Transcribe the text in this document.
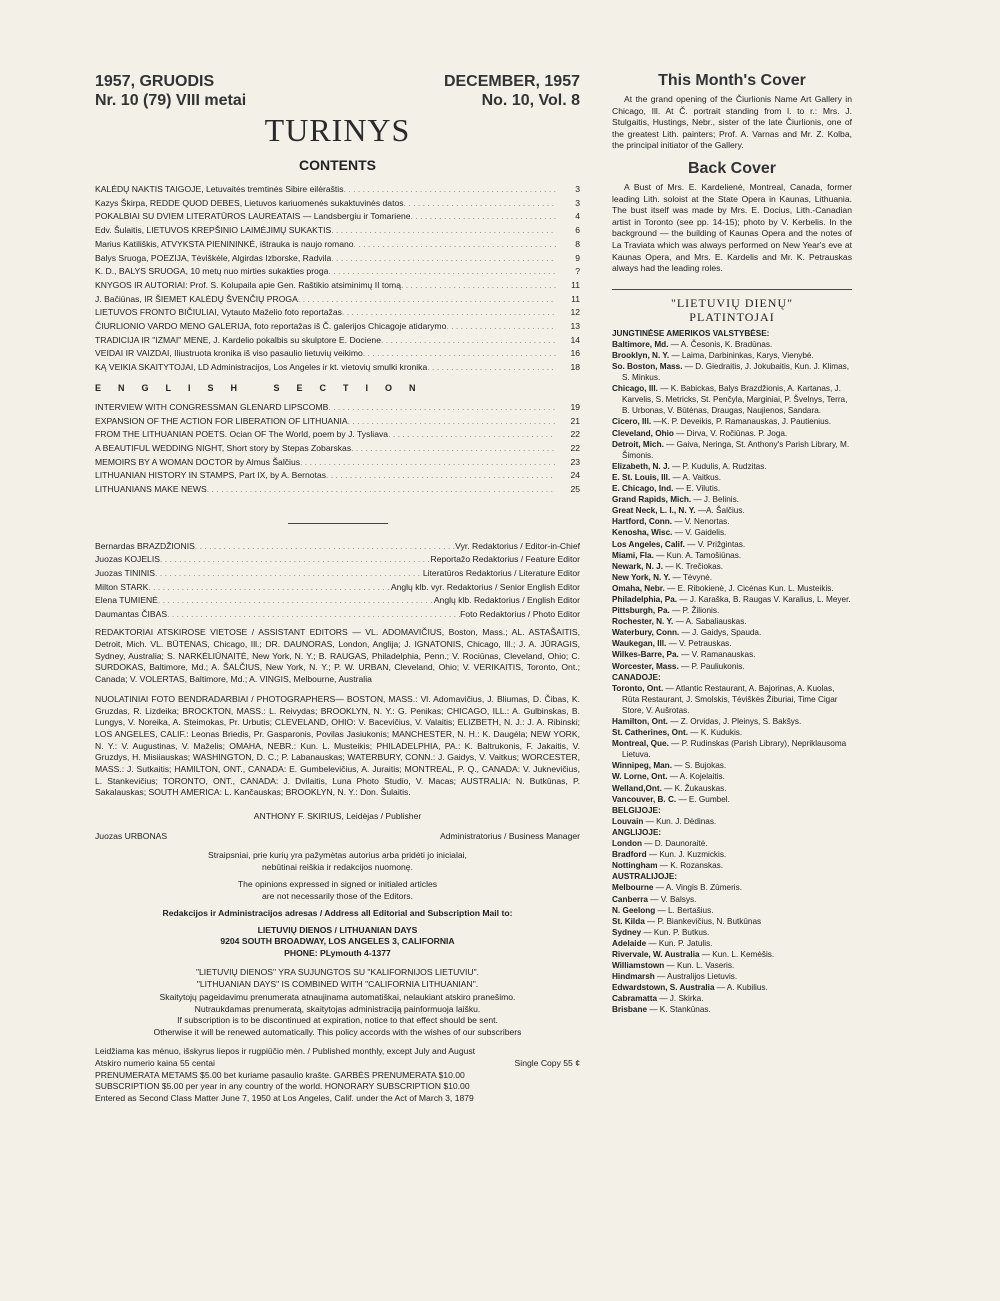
1957, GRUODIS
Nr. 10 (79) VIII metai
DECEMBER, 1957
No. 10, Vol. 8
TURINYS
CONTENTS
KALĖDŲ NAKTIS TAIGOJE, Letuvaitės tremtinės Sibire eilėraštis . . .	3
Kazys Škirpa, REDDE QUOD DEBES, Lietuvos kariuomenės sukaktuvinės datos . . .	3
POKALBIAI SU DVIEM LITERATŪROS LAUREATAIS — Landsbergiu ir Tomariene . . .	4
Edv. Šulaitis, LIETUVOS KREPŠINIO LAIMĖJIMŲ SUKAKTIS . . .	6
Marius Katiliškis, ATVYKSTA PIENININKĖ, ištrauka is naujo romano . . .	8
Balys Sruoga, POEZIJA, Tėviškėle, Algirdas Izborske, Radvila . . .	9
K. D., BALYS SRUOGA, 10 metų nuo mirties sukakties proga . . .	?
KNYGOS IR AUTORIAI: Prof. S. Kolupaila apie Gen. Raštikio atsiminimų II tomą . . .	11
J. Bačiūnas, IR ŠIEMET KALĖDŲ ŠVENČIŲ PROGA . . .	11
LIETUVOS FRONTO BIČIULIAI, Vytauto Maželio foto reportažas . . .	12
ČIURLIONIO VARDO MENO GALERIJA, foto reportažas iš Č. galerijos Chicagoje atidarymo . . .	13
TRADICIJA IR "IZMAI" MENE, J. Kardelio pokalbis su skulptore E. Dociene . . .	14
VEIDAI IR VAIZDAI, Iliustruota kronika iš viso pasaulio lietuvių veikimo . . .	16
KĄ VEIKIA SKAITYTOJAI, LD Administracijos, Los Angeles ir kt. vietovių smulki kronika . . .	18
ENGLISH SECTION
INTERVIEW WITH CONGRESSMAN GLENARD LIPSCOMB . . .	19
EXPANSION OF THE ACTION FOR LIBERATION OF LITHUANIA . . .	21
FROM THE LITHUANIAN POETS. Ocian OF The World, poem by J. Tysliava . . .	22
A BEAUTIFUL WEDDING NIGHT, Short story by Stepas Zobarskas . . .	22
MEMOIRS BY A WOMAN DOCTOR by Almus Šalčius . . .	23
LITHUANIAN HISTORY IN STAMPS, Part IX, by A. Bernotas . . .	24
LITHUANIANS MAKE NEWS . . .	25
Bernardas BRAZDŽIONIS . . .	Vyr. Redaktorius / Editor-in-Chief
Juozas KOJELIS . . .	Reportažo Redaktorius / Feature Editor
Juozas TININIS . . .	Literatūros Redaktorius / Literature Editor
Milton STARK . . .	Anglų klb. vyr. Redaktorius / Senior English Editor
Elena TUMIENĖ . . .	Anglų klb. Redaktorius / English Editor
Daumantas ČIBAS . . .	Foto Redaktorius / Photo Editor

REDAKTORIAI ATSKIROSE VIETOSE / ASSISTANT EDITORS — VL. ADOMAVIČIUS, Boston, Mass.; AL. ASTAŠAITIS, Detroit, Mich. VL. BŪTĖNAS, Chicago, Ill.; DR. DAUNORAS, London, Anglija; J. IGNATONIS, Chicago, Ill.; J. A. JŪRAGIS, Sydney, Australia; S. NARKĖLIŪNAITĖ, New York, N. Y.; B. RAUGAS, Philadelphia, Penn.; V. Rociūnas, Cleveland, Ohio; C. SURDOKAS, Baltimore, Md.; A. ŠALČIUS, New York, N. Y.; P. W. URBAN, Cleveland, Ohio; V. VERIKAITIS, Toronto, Ont.; Canada; V. VOLERTAS, Baltimore, Md.; A. VINGIS, Melbourne, Australia

NUOLATINIAI FOTO BENDRADARBIAI / PHOTOGRAPHERS— BOSTON, MASS.: Vl. Adomavičius, J. Bliumas, D. Čibas, K. Gruzdas, R. Lizdeika; BROCKTON, MASS.: L. Reivydas; BROOKLYN, N. Y.: G. Penikas; CHICAGO, ILL.: A. Gulbinskas, B. Lungys, V. Noreika, A. Steimokas, Pr. Urbutis; CLEVELAND, OHIO: V. Bacevičius, V. Valaitis; ELIZBETH, N. J.: J. A. Ribinski; LOS ANGELES, CALIF.: Leonas Briedis, Pr. Gasparonis, Povilas Jasiukonis; MANCHESTER, N. H.: K. Daugėla; NEW YORK, N. Y.: V. Augustinas, V. Maželis; OMAHA, NEBR.: Kun. L. Musteikis; PHILADELPHIA, PA.: K. Baltrukonis, F. Jakaitis, V. Gruzdys, H. Misiiauskas; WASHINGTON, D. C.; P. Labanauskas; WATERBURY, CONN.: J. Gaidys, V. Vaitkus; WORCESTER, MASS.: J. Sutkaitis; HAMILTON, ONT., CANADA: E. Gumbelevičius, A. Juraitis; MONTREAL, P. Q., CANADA: V. Juknevičius, L. Stankevičius; TORONTO, ONT., CANADA: J. Dvilaitis, Luna Photo Studio, V. Macas; AUSTRALIA: N. Butkūnas, P. Sakalauskas; SOUTH AMERICA: L. Kančauskas; BROOKLYN, N. Y.: Don. Šulaitis.

ANTHONY F. SKIRIUS, Leidėjas / Publisher
Juozas URBONAS	Administratorius / Business Manager
Straipsniai, prie kurių yra pažymėtas autorius arba pridėti jo inicialai,
nebūtinai reiškia ir redakcijos nuomonę.
The opinions expressed in signed or initialed articles
are not necessarily those of the Editors.
Redakcijos ir Administracijos adresas / Address all Editorial and Subscription Mail to:
LIETUVIŲ DIENOS / LITHUANIAN DAYS
9204 SOUTH BROADWAY, LOS ANGELES 3, CALIFORNIA
PHONE: PLymouth 4-1377
"LIETUVIŲ DIENOS" YRA SUJUNGTOS SU "KALIFORNIJOS LIETUVIU".
"LITHUANIAN DAYS" IS COMBINED WITH "CALIFORNIA LITHUANIAN".
Skaitytojų pageidavimu prenumerata atnaujinama automatiškai, nelaukiant atskiro pranešimo.
Nutraukdamas prenumeratą, skaitytojas administraciją painformuoja laišku.
If subscription is to be discontinued at expiration, notice to that effect should be sent.
Otherwise it will be renewed automatically. This policy accords with the wishes of our subscribers
Leidžiama kas mėnuo, išskyrus liepos ir rugpiūčio mėn. / Published monthly, except July and August
Atskiro numerio kaina 55 centai	Single Copy 55 ¢
PRENUMERATA METAMS $5.00 bet kuriame pasaulio krašte. GARBĖS PRENUMERATA $10.00
SUBSCRIPTION $5.00 per year in any country of the world. HONORARY SUBSCRIPTION $10.00
Entered as Second Class Matter June 7, 1950 at Los Angeles, Calif. under the Act of March 3, 1879
This Month's Cover

At the grand opening of the Čiurlionis Name Art Gallery in Chicago, Ill. At Č. portrait standing from l. to r.: Mrs. J. Stulgaitis, Hustings, Nebr., sister of the late Čiurlionis, one of the greatest Lith. painters; Prof. A. Varnas and Mr. Z. Kolba, the principal initiator of the Gallery.

Back Cover

A Bust of Mrs. E. Kardelienė, Montreal, Canada, former leading Lith. soloist at the State Opera in Kaunas, Lithuania. The bust itself was made by Mrs. E. Docius, Lith.-Canadian artist in Toronto (see pp. 14-15); photo by V. Kerbelis. In the background — the building of Kaunas Opera and the notes of La Traviata which was always performed on New Year's eve at Kaunas Opera, and Mrs. E. Kardelis and Mr. K. Petrauskas always had the leading roles.

"LIETUVIŲ DIENŲ"
PLATINTOJAI
JUNGTINĖSE AMERIKOS VALSTYBĖSE:
Baltimore, Md. — A. Česonis, K. Bradūnas.
Brooklyn, N. Y. — Laima, Darbininkas, Karys, Vienybė.
So. Boston, Mass. — D. Giedraitis, J. Jokubaitis, Kun. J. Klimas, S. Minkus.
Chicago, Ill. — K. Babickas, Balys Brazdžionis, A. Kartanas, J. Karvelis, S. Metricks, St. Penčyla, Marginiai, P. Švelnys, Terra, B. Urbonas, V. Būtėnas, Draugas, Naujienos, Sandara.
Cicero, Ill. —K. P. Deveikis, P. Ramanauskas, J. Pautienius.
Cleveland, Ohio — Dirva, V. Ročiūnas. P. Joga.
Detroit, Mich. — Gaiva, Neringa, St. Anthony's Parish Library, M. Šimonis.
Elizabeth, N. J. — P. Kudulis, A. Rudzitas.
E. St. Louis, Ill. — A. Vaitkus.
E. Chicago, Ind. — E. Vilutis.
Grand Rapids, Mich. — J. Belinis.
Great Neck, L. I., N. Y. —A. Šalčius.
Hartford, Conn. — V. Nenortas.
Kenosha, Wisc. — V. Gaidelis.
Los Angeles, Calif. — V. Prižgintas.
Miami, Fla. — Kun. A. Tamošiūnas.
Newark, N. J. — K. Trečiokas.
New York, N. Y. — Tėvynė.
Omaha, Nebr. — E. Ribokienė, J. Cicėnas Kun. L. Musteikis.
Philadelphia, Pa. — J. Karaška, B. Raugas V. Karalius, L. Meyer.
Pittsburgh, Pa. — P. Žilionis.
Rochester, N. Y. — A. Sabaliauskas.
Waterbury, Conn. — J. Gaidys, Spauda.
Waukegan, Ill. — V. Petrauskas.
Wilkes-Barre, Pa. — V. Ramanauskas.
Worcester, Mass. — P. Pauliukonis.
CANADOJE:
Toronto, Ont. — Atlantic Restaurant, A. Bajorinas, A. Kuolas, Rūta Restaurant, J. Smolskis, Tėviškės Žiburiai, Time Cigar Store, V. Aušrotas.
Hamilton, Ont. — Z. Orvidas, J. Pleinys, S. Bakšys.
St. Catherines, Ont. — K. Kudukis.
Montreal, Que. — P. Rudinskas (Parish Library), Nepriklausoma Lietuva.
Winnipeg, Man. — S. Bujokas.
W. Lorne, Ont. — A. Kojelaitis.
Welland,Ont. — K. Žukauskas.
Vancouver, B. C. — E. Gumbel.
BELGIJOJE:
Louvain — Kun. J. Dėdinas.
ANGLIJOJE:
London — D. Daunoraitė.
Bradford — Kun. J. Kuzmickis.
Nottingham — K. Rozanskas.
AUSTRALIJOJE:
Melbourne — A. Vingis B. Zūmeris.
Canberra — V. Balsys.
N. Geelong — L. Bertašius.
St. Kilda — P. Biankevičius, N. Butkūnas
Sydney — Kun. P. Butkus.
Adelaide — Kun. P. Jatulis.
Rivervale, W. Australia — Kun. L. Kemėšis.
Williamstown — Kun. L. Vaseris.
Hindmarsh — Australijos Lietuvis.
Edwardstown, S. Australia — A. Kubilius.
Cabramatta — J. Skirka.
Brisbane — K. Stankūnas.
